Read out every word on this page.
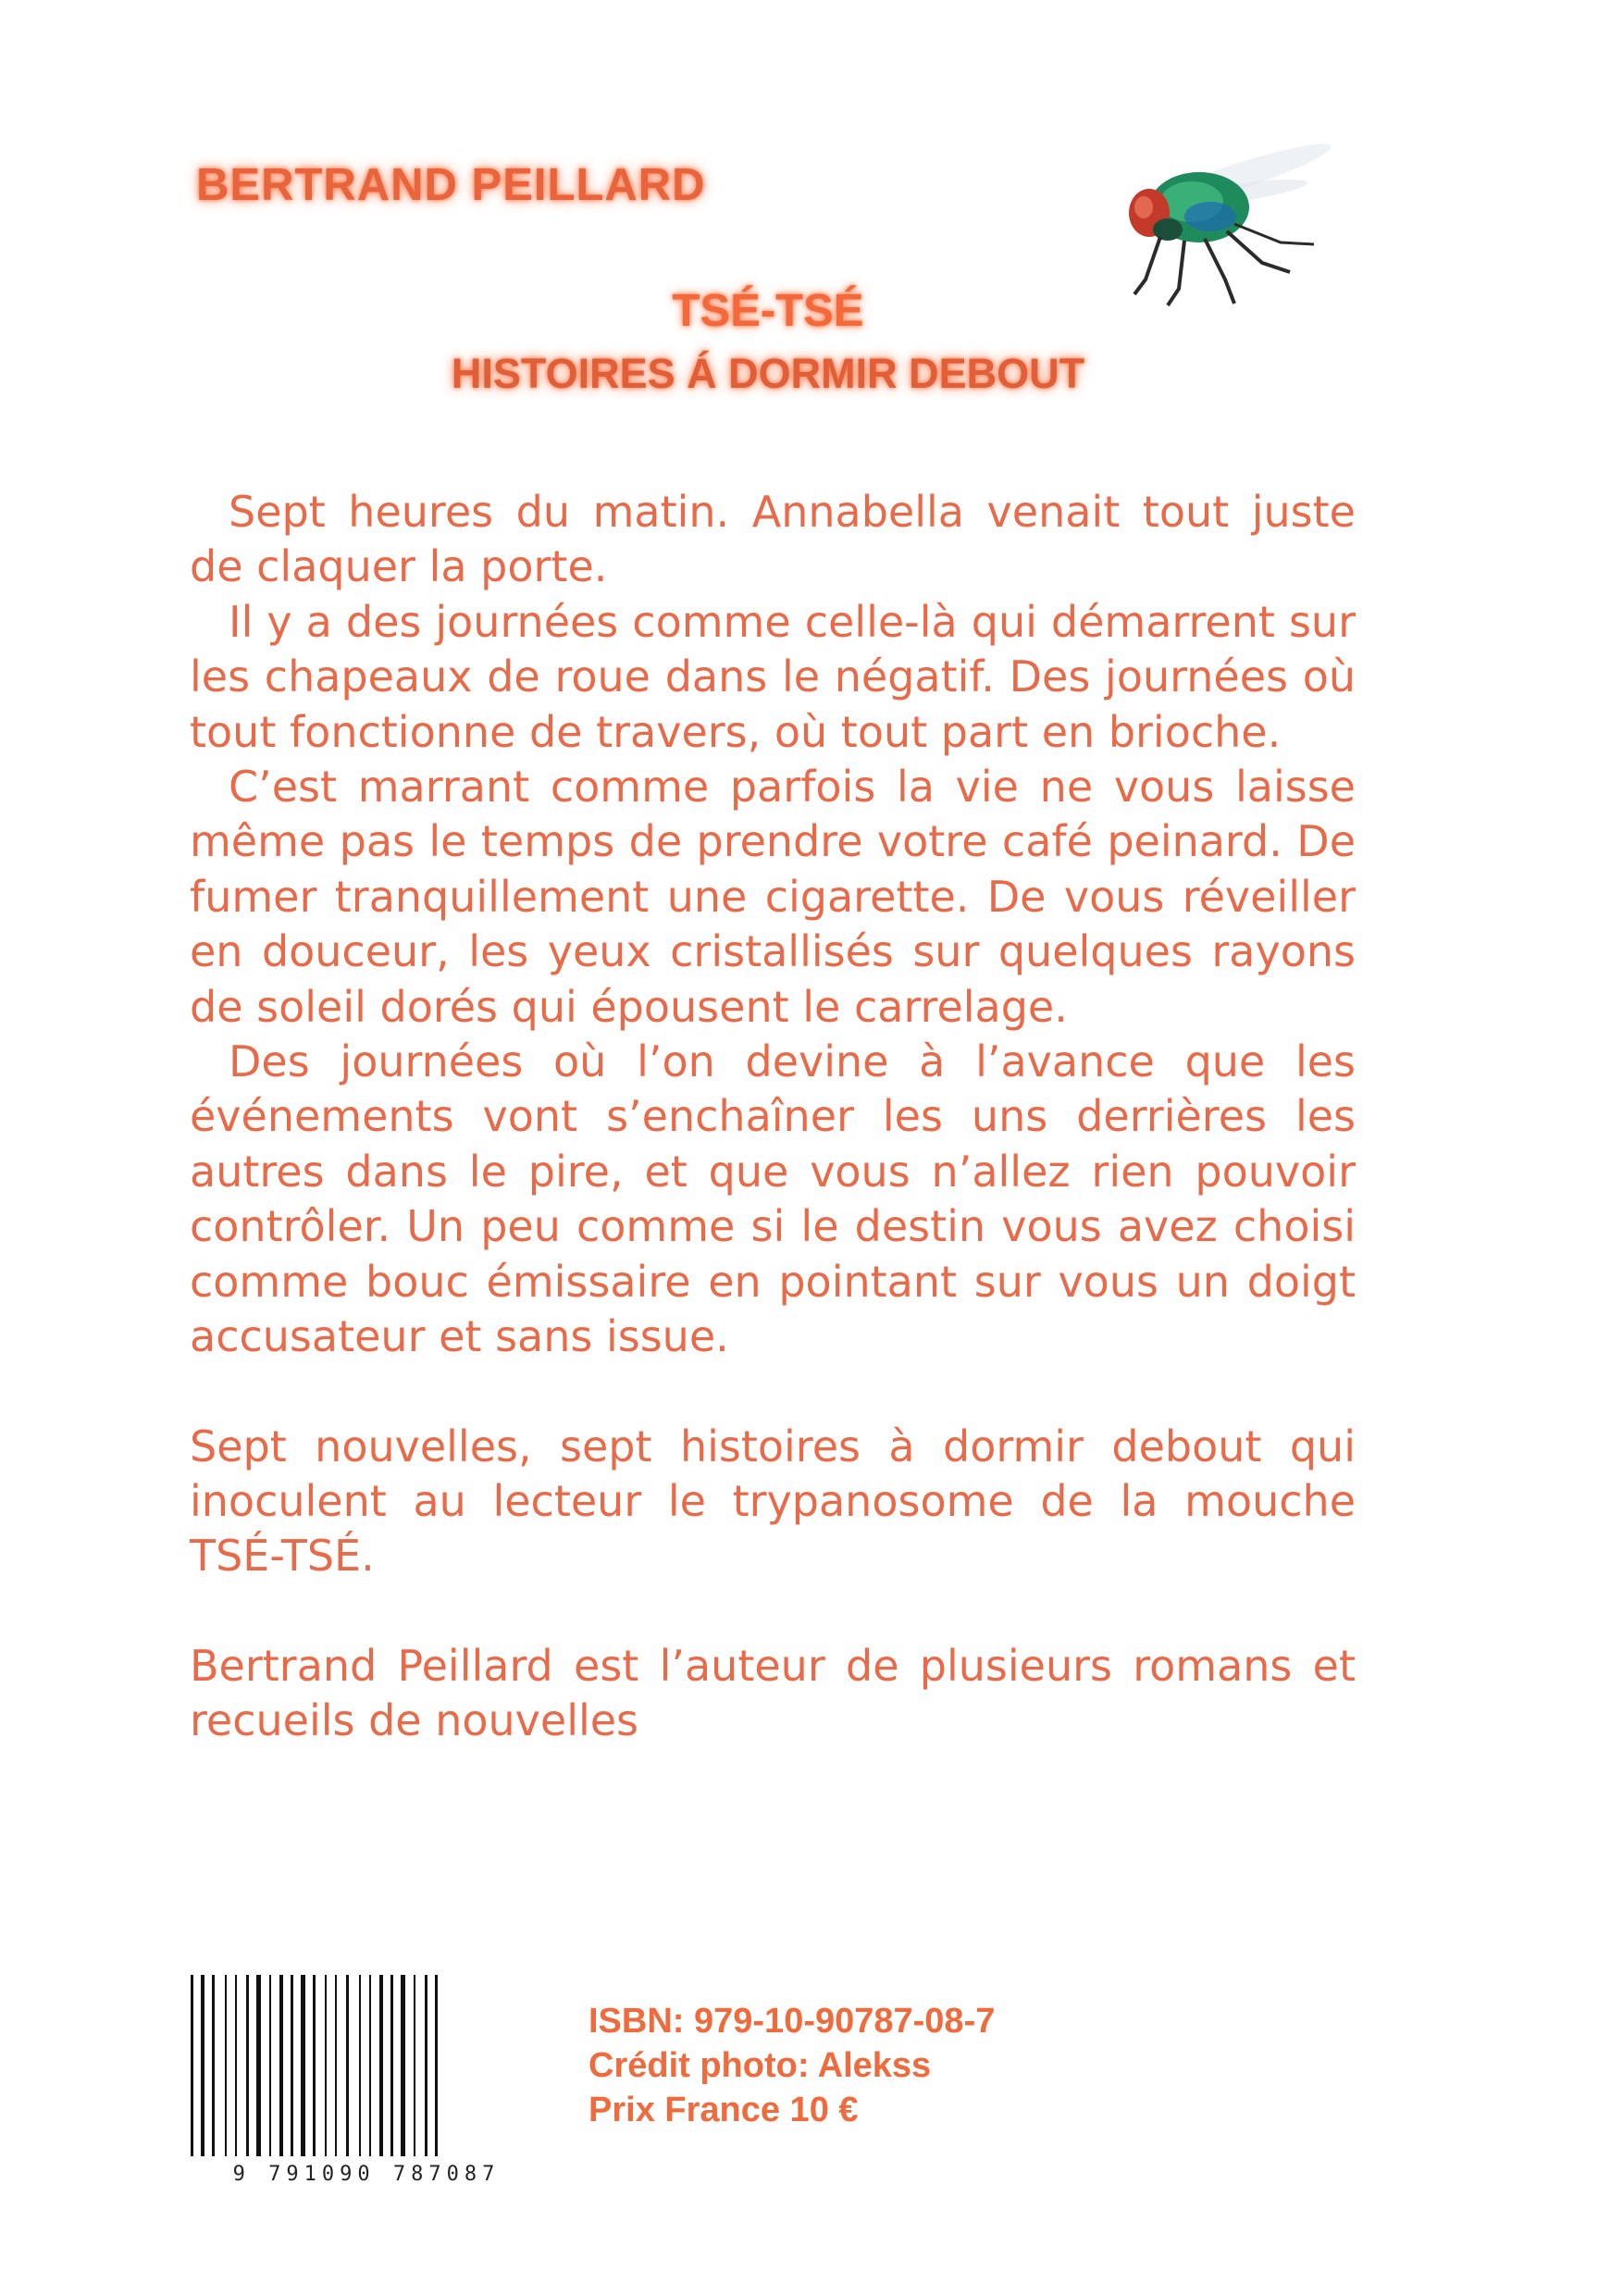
BERTRAND PEILLARD
TSÉ-TSÉ
HISTOIRES Á DORMIR DEBOUT

Sept heures du matin. Annabella venait tout juste de claquer la porte.

Il y a des journées comme celle-là qui démarrent sur les chapeaux de roue dans le négatif. Des journées où tout fonctionne de travers, où tout part en brioche.

C’est marrant comme parfois la vie ne vous laisse même pas le temps de prendre votre café peinard. De fumer tranquillement une cigarette. De vous réveiller en douceur, les yeux cristallisés sur quelques rayons de soleil dorés qui épousent le carrelage.

Des journées où l’on devine à l’avance que les événements vont s’enchaîner les uns derrières les autres dans le pire, et que vous n’allez rien pouvoir contrôler. Un peu comme si le destin vous avez choisi comme bouc émissaire en pointant sur vous un doigt accusateur et sans issue.

Sept nouvelles, sept histoires à dormir debout qui inoculent au lecteur le trypanosome de la mouche TSÉ-TSÉ.

Bertrand Peillard est l’auteur de plusieurs romans et recueils de nouvelles

9 791090 787087
ISBN: 979-10-90787-08-7
Crédit photo: Alekss
Prix France 10 €
